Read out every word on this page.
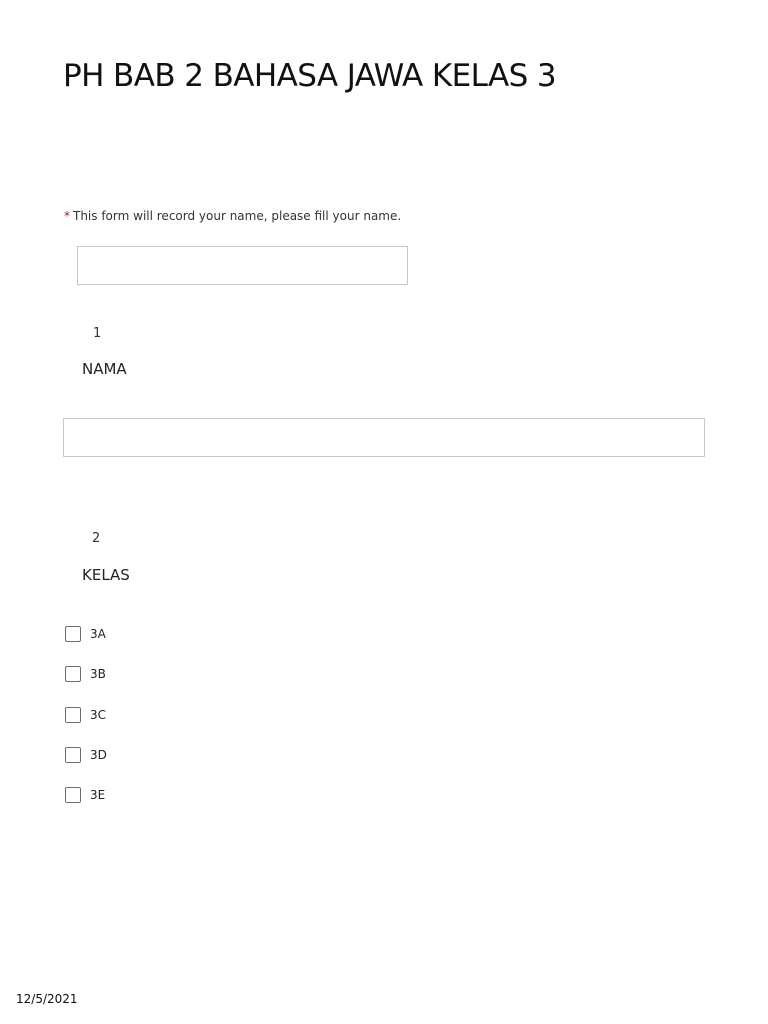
PH BAB 2 BAHASA JAWA KELAS 3
* This form will record your name, please fill your name.
1
NAMA
2
KELAS
3A
3B
3C
3D
3E
12/5/2021
